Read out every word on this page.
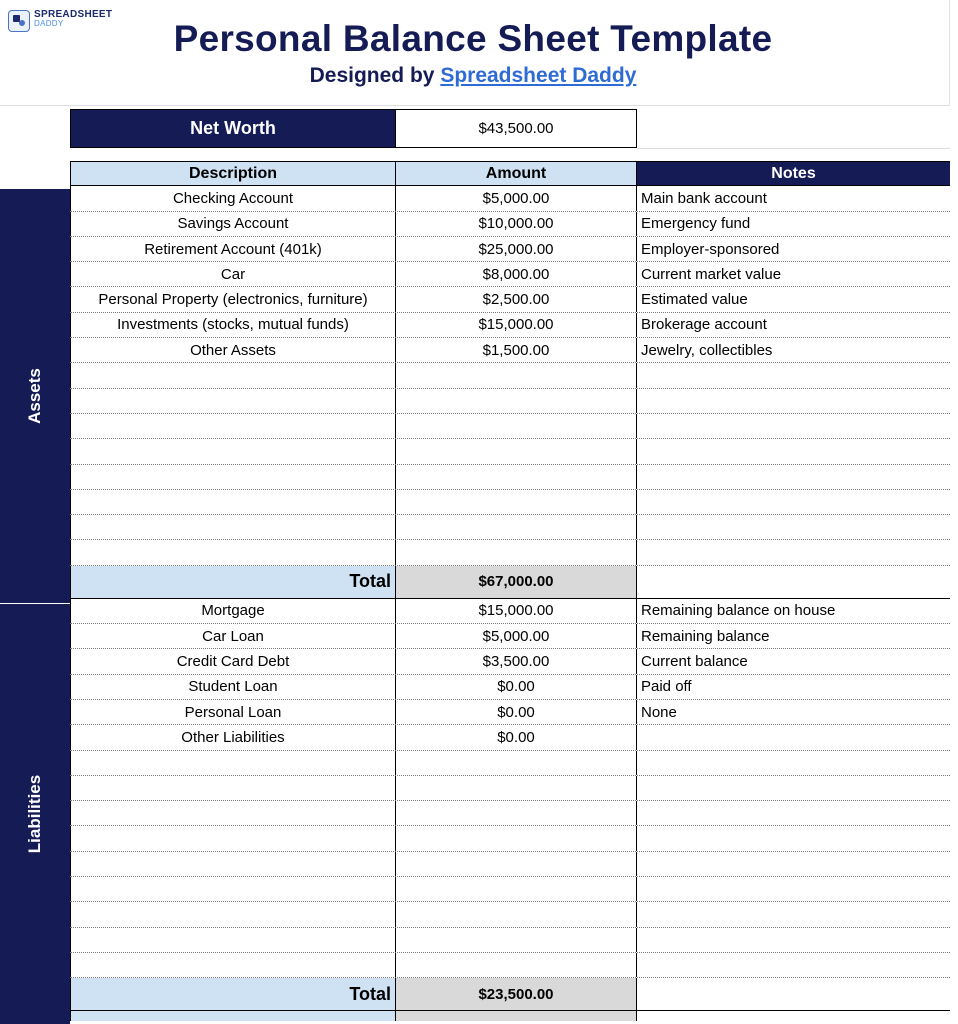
SPREADSHEET
DADDY	Personal Balance Sheet Template
Designed by Spreadsheet Daddy
Net Worth	$43,500.00
Assets
Liabilities
Description	Amount	Notes
Checking Account	$5,000.00	Main bank account
Savings Account	$10,000.00	Emergency fund
Retirement Account (401k)	$25,000.00	Employer-sponsored
Car	$8,000.00	Current market value
Personal Property (electronics, furniture)	$2,500.00	Estimated value
Investments (stocks, mutual funds)	$15,000.00	Brokerage account
Other Assets	$1,500.00	Jewelry, collectibles
Total	$67,000.00
Mortgage	$15,000.00	Remaining balance on house
Car Loan	$5,000.00	Remaining balance
Credit Card Debt	$3,500.00	Current balance
Student Loan	$0.00	Paid off
Personal Loan	$0.00	None
Other Liabilities	$0.00
Total	$23,500.00
